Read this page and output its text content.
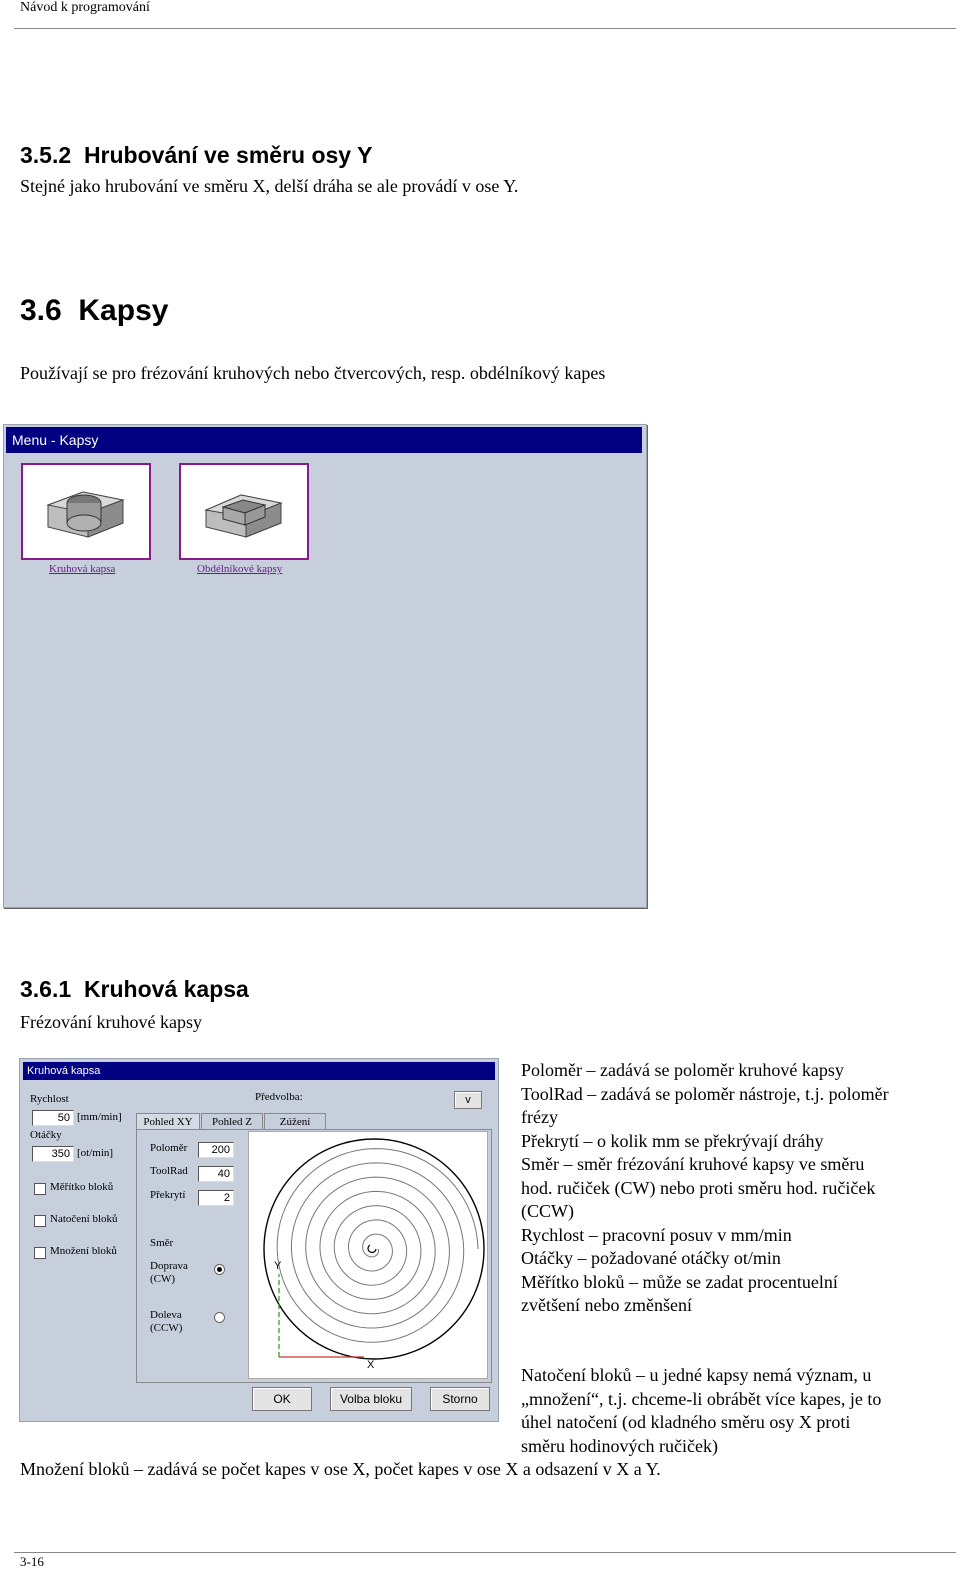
Návod k programování
3.5.2 Hrubování ve směru osy Y
Stejné jako hrubování ve směru X, delší dráha se ale provádí v ose Y.
3.6 Kapsy
Používají se pro frézování kruhových nebo čtvercových, resp. obdélníkový kapes
Menu - Kapsy
Kruhová kapsa	Obdélníkové kapsy
3.6.1 Kruhová kapsa
Frézování kruhové kapsy
Kruhová kapsa
Rychlost
50 [mm/min]
Otáčky
350 [ot/min]
Měřítko bloků
Natočení bloků
Množení bloků
Předvolba:	v
Pohled XY	Pohled Z	Zúžení
Poloměr	200
ToolRad	40
Překrytí	2
Směr
Doprava
(CW)
Doleva
(CCW)
Y
X
OK	Volba bloku	Storno
Poloměr – zadává se poloměr kruhové kapsy
ToolRad – zadává se poloměr nástroje, t.j. poloměr
frézy
Překrytí – o kolik mm se překrývají dráhy
Směr – směr frézování kruhové kapsy ve směru
hod. ručiček (CW) nebo proti směru hod. ručiček
(CCW)
Rychlost – pracovní posuv v mm/min
Otáčky – požadované otáčky ot/min
Měřítko bloků – může se zadat procentuelní
zvětšení nebo změnšení
Natočení bloků – u jedné kapsy nemá význam, u
„množení“, t.j. chceme-li obrábět více kapes, je to
úhel natočení (od kladného směru osy X proti
směru hodinových ručiček)
Množení bloků – zadává se počet kapes v ose X, počet kapes v ose X a odsazení v X a Y.
3-16
